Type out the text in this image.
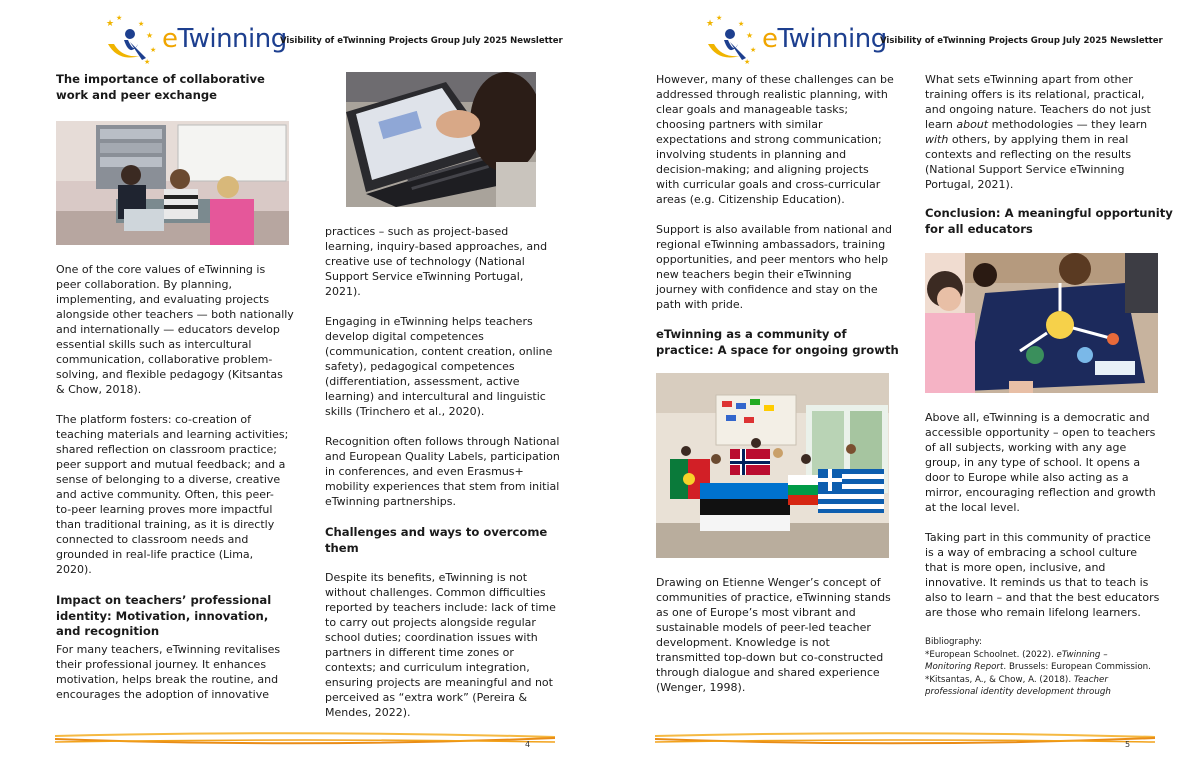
★
★
★
★
★
★
eTwinning
Visibility of eTwinning Projects Group July 2025 Newsletter
The importance of collaborative
work and peer exchange
One of the core values of eTwinning is
peer collaboration. By planning,
implementing, and evaluating projects
alongside other teachers — both nationally
and internationally — educators develop
essential skills such as intercultural
communication, collaborative problem-
solving, and flexible pedagogy (Kitsantas
& Chow, 2018).
The platform fosters: co-creation of
teaching materials and learning activities;
shared reflection on classroom practice;
peer support and mutual feedback; and a
sense of belonging to a diverse, creative
and active community. Often, this peer-
to-peer learning proves more impactful
than traditional training, as it is directly
connected to classroom needs and
grounded in real-life practice (Lima,
2020).
Impact on teachers’ professional
identity: Motivation, innovation,
and recognition
For many teachers, eTwinning revitalises
their professional journey. It enhances
motivation, helps break the routine, and
encourages the adoption of innovative
practices – such as project-based
learning, inquiry-based approaches, and
creative use of technology (National
Support Service eTwinning Portugal,
2021).
Engaging in eTwinning helps teachers
develop digital competences
(communication, content creation, online
safety), pedagogical competences
(differentiation, assessment, active
learning) and intercultural and linguistic
skills (Trinchero et al., 2020).
Recognition often follows through National
and European Quality Labels, participation
in conferences, and even Erasmus+
mobility experiences that stem from initial
eTwinning partnerships.
Challenges and ways to overcome
them
Despite its benefits, eTwinning is not
without challenges. Common difficulties
reported by teachers include: lack of time
to carry out projects alongside regular
school duties; coordination issues with
partners in different time zones or
contexts; and curriculum integration,
ensuring projects are meaningful and not
perceived as “extra work” (Pereira &
Mendes, 2022).
4
★
★
★
★
★
★
eTwinning
Visibility of eTwinning Projects Group July 2025 Newsletter
However, many of these challenges can be
addressed through realistic planning, with
clear goals and manageable tasks;
choosing partners with similar
expectations and strong communication;
involving students in planning and
decision-making; and aligning projects
with curricular goals and cross-curricular
areas (e.g. Citizenship Education).
Support is also available from national and
regional eTwinning ambassadors, training
opportunities, and peer mentors who help
new teachers begin their eTwinning
journey with confidence and stay on the
path with pride.
eTwinning as a community of
practice: A space for ongoing growth
Drawing on Etienne Wenger’s concept of
communities of practice, eTwinning stands
as one of Europe’s most vibrant and
sustainable models of peer-led teacher
development. Knowledge is not
transmitted top-down but co-constructed
through dialogue and shared experience
(Wenger, 1998).
What sets eTwinning apart from other
training offers is its relational, practical,
and ongoing nature. Teachers do not just
learn about methodologies — they learn
with others, by applying them in real
contexts and reflecting on the results
(National Support Service eTwinning
Portugal, 2021).
Conclusion: A meaningful opportunity
for all educators
Above all, eTwinning is a democratic and
accessible opportunity – open to teachers
of all subjects, working with any age
group, in any type of school. It opens a
door to Europe while also acting as a
mirror, encouraging reflection and growth
at the local level.
Taking part in this community of practice
is a way of embracing a school culture
that is more open, inclusive, and
innovative. It reminds us that to teach is
also to learn – and that the best educators
are those who remain lifelong learners.
Bibliography:
*European Schoolnet. (2022). eTwinning –
Monitoring Report. Brussels: European Commission.
*Kitsantas, A., & Chow, A. (2018). Teacher
professional identity development through
5
